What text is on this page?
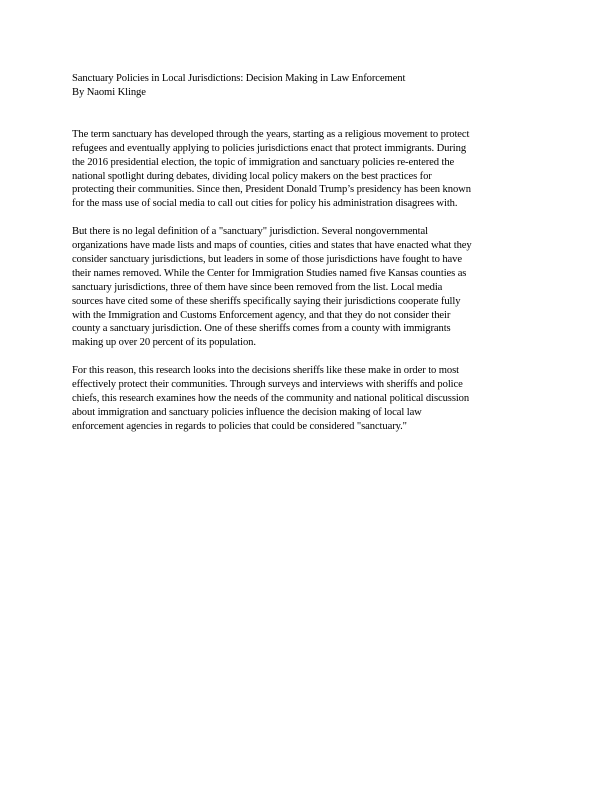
Sanctuary Policies in Local Jurisdictions: Decision Making in Law Enforcement
By Naomi Klinge

The term sanctuary has developed through the years, starting as a religious movement to protect
refugees and eventually applying to policies jurisdictions enact that protect immigrants. During
the 2016 presidential election, the topic of immigration and sanctuary policies re-entered the
national spotlight during debates, dividing local policy makers on the best practices for
protecting their communities. Since then, President Donald Trump’s presidency has been known
for the mass use of social media to call out cities for policy his administration disagrees with.

But there is no legal definition of a "sanctuary" jurisdiction. Several nongovernmental
organizations have made lists and maps of counties, cities and states that have enacted what they
consider sanctuary jurisdictions, but leaders in some of those jurisdictions have fought to have
their names removed. While the Center for Immigration Studies named five Kansas counties as
sanctuary jurisdictions, three of them have since been removed from the list. Local media
sources have cited some of these sheriffs specifically saying their jurisdictions cooperate fully
with the Immigration and Customs Enforcement agency, and that they do not consider their
county a sanctuary jurisdiction. One of these sheriffs comes from a county with immigrants
making up over 20 percent of its population.

For this reason, this research looks into the decisions sheriffs like these make in order to most
effectively protect their communities. Through surveys and interviews with sheriffs and police
chiefs, this research examines how the needs of the community and national political discussion
about immigration and sanctuary policies influence the decision making of local law
enforcement agencies in regards to policies that could be considered "sanctuary."
